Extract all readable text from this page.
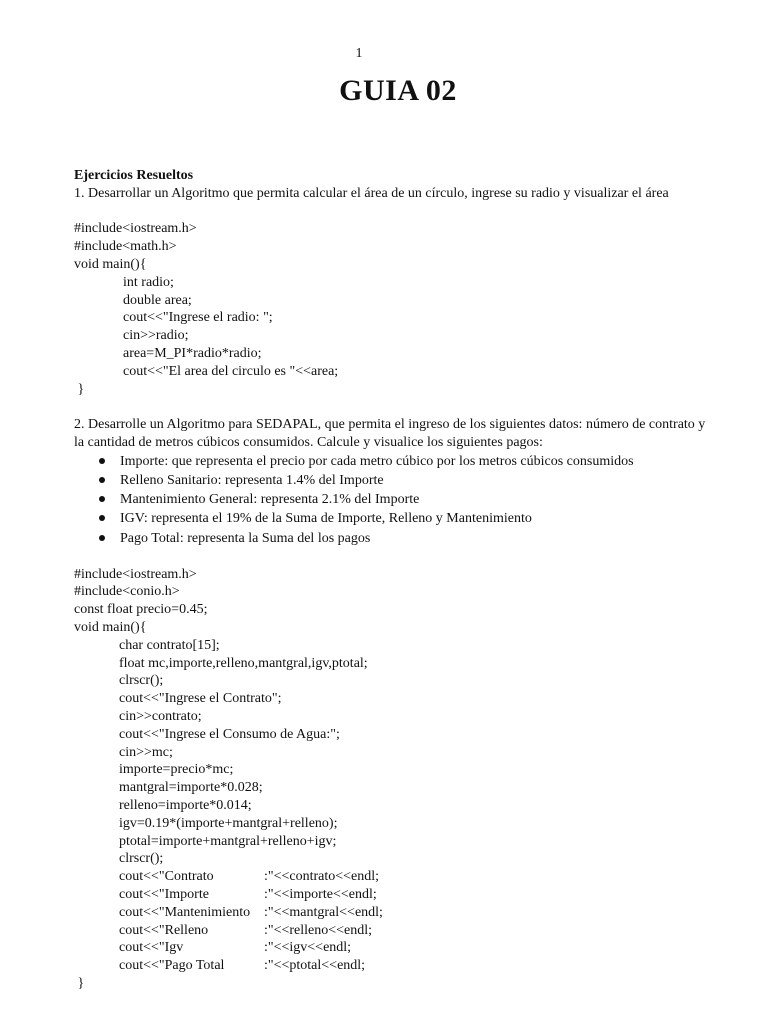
1
GUIA 02
Ejercicios Resueltos
1. Desarrollar un Algoritmo que permita calcular el área de un círculo, ingrese su radio y visualizar el área
#include<iostream.h>
#include<math.h>
void main(){
int radio;
double area;
cout<<"Ingrese el radio: ";
cin>>radio;
area=M_PI*radio*radio;
cout<<"El area del circulo es "<<area;
}
2. Desarrolle un Algoritmo para SEDAPAL, que permita el ingreso de los siguientes datos: número de contrato y la cantidad de metros cúbicos consumidos. Calcule y visualice los siguientes pagos:
Importe: que representa el precio por cada metro cúbico por los metros cúbicos consumidos
Relleno Sanitario: representa 1.4% del Importe
Mantenimiento General: representa 2.1% del Importe
IGV: representa el 19% de la Suma de Importe, Relleno y Mantenimiento
Pago Total: representa la Suma del los pagos
#include<iostream.h>
#include<conio.h>
const float precio=0.45;
void main(){
char contrato[15];
float mc,importe,relleno,mantgral,igv,ptotal;
clrscr();
cout<<"Ingrese el Contrato";
cin>>contrato;
cout<<"Ingrese el Consumo de Agua:";
cin>>mc;
importe=precio*mc;
mantgral=importe*0.028;
relleno=importe*0.014;
igv=0.19*(importe+mantgral+relleno);
ptotal=importe+mantgral+relleno+igv;
clrscr();
cout<<"Contrato	:"<<contrato<<endl;
cout<<"Importe	:"<<importe<<endl;
cout<<"Mantenimiento :"<<mantgral<<endl;
cout<<"Relleno	:"<<relleno<<endl;
cout<<"Igv	:"<<igv<<endl;
cout<<"Pago Total	:"<<ptotal<<endl;
}
